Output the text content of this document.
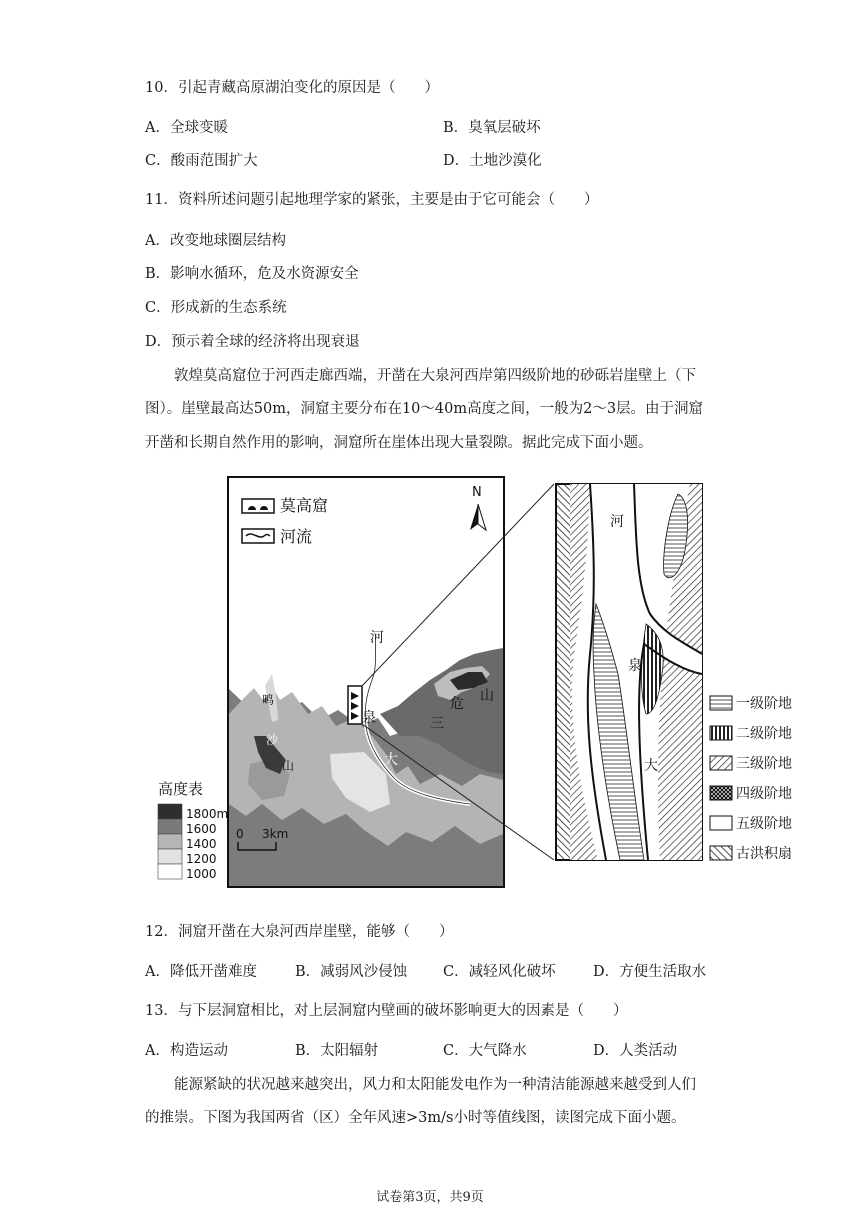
10．引起青藏高原湖泊变化的原因是（　　）
A．全球变暖	B．臭氧层破坏
C．酸雨范围扩大	D．土地沙漠化
11．资料所述问题引起地理学家的紧张，主要是由于它可能会（　　）
A．改变地球圈层结构
B．影响水循环，危及水资源安全
C．形成新的生态系统
D．预示着全球的经济将出现衰退
敦煌莫高窟位于河西走廊西端，开凿在大泉河西岸第四级阶地的砂砾岩崖壁上（下
图）。崖壁最高达50m，洞窟主要分布在10～40m高度之间，一般为2～3层。由于洞窟
开凿和长期自然作用的影响，洞窟所在崖体出现大量裂隙。据此完成下面小题。
莫高窟
河流
N
河
泉
大
鸣
沙
山
三
危 山
高度表
1800m
1600
1400
1200
1000
0 3km
河
泉
大
一级阶地
二级阶地
三级阶地
四级阶地
五级阶地
古洪积扇
12．洞窟开凿在大泉河西岸崖壁，能够（　　）
A．降低开凿难度	B．减弱风沙侵蚀 C．减轻风化破坏	D．方便生活取水
13．与下层洞窟相比，对上层洞窟内壁画的破坏影响更大的因素是（　　）
A．构造运动	B．太阳辐射	C．大气降水	D．人类活动
能源紧缺的状况越来越突出，风力和太阳能发电作为一种清洁能源越来越受到人们
的推崇。下图为我国两省（区）全年风速>3m/s小时等值线图，读图完成下面小题。
试卷第3页，共9页
